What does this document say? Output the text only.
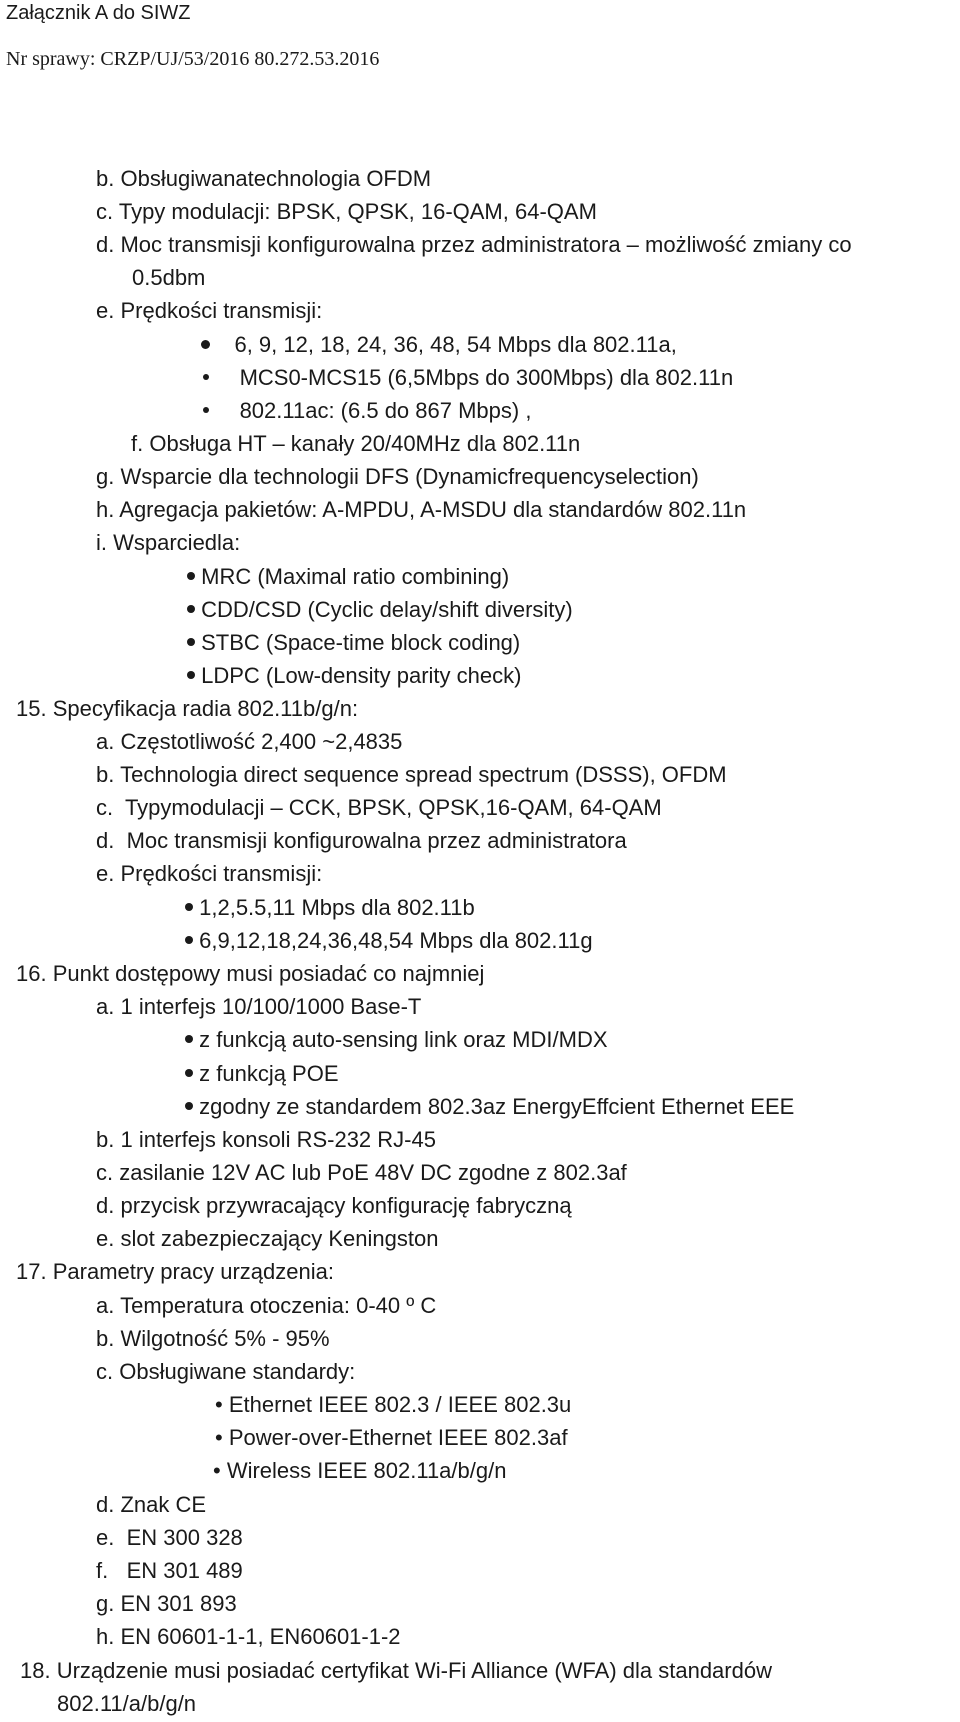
Załącznik A do SIWZ
Nr sprawy: CRZP/UJ/53/2016 80.272.53.2016
b. Obsługiwanatechnologia OFDM
c. Typy modulacji: BPSK, QPSK, 16-QAM, 64-QAM
d. Moc transmisji konfigurowalna przez administratora – możliwość zmiany co
0.5dbm
e. Prędkości transmisji:
6, 9, 12, 18, 24, 36, 48, 54 Mbps dla 802.11a,
MCS0-MCS15 (6,5Mbps do 300Mbps) dla 802.11n
802.11ac: (6.5 do 867 Mbps) ,
f. Obsługa HT – kanały 20/40MHz dla 802.11n
g. Wsparcie dla technologii DFS (Dynamicfrequencyselection)
h. Agregacja pakietów: A-MPDU, A-MSDU dla standardów 802.11n
i. Wsparciedla:
MRC (Maximal ratio combining)
CDD/CSD (Cyclic delay/shift diversity)
STBC (Space-time block coding)
LDPC (Low-density parity check)
15. Specyfikacja radia 802.11b/g/n:
a. Częstotliwość 2,400 ~2,4835
b. Technologia direct sequence spread spectrum (DSSS), OFDM
c. Typymodulacji – CCK, BPSK, QPSK,16-QAM, 64-QAM
d. Moc transmisji konfigurowalna przez administratora
e. Prędkości transmisji:
1,2,5.5,11 Mbps dla 802.11b
6,9,12,18,24,36,48,54 Mbps dla 802.11g
16. Punkt dostępowy musi posiadać co najmniej
a. 1 interfejs 10/100/1000 Base-T
z funkcją auto-sensing link oraz MDI/MDX
z funkcją POE
zgodny ze standardem 802.3az EnergyEffcient Ethernet EEE
b. 1 interfejs konsoli RS-232 RJ-45
c. zasilanie 12V AC lub PoE 48V DC zgodne z 802.3af
d. przycisk przywracający konfigurację fabryczną
e. slot zabezpieczający Keningston
17. Parametry pracy urządzenia:
a. Temperatura otoczenia: 0-40 º C
b. Wilgotność 5% - 95%
c. Obsługiwane standardy:
• Ethernet IEEE 802.3 / IEEE 802.3u
• Power-over-Ethernet IEEE 802.3af
• Wireless IEEE 802.11a/b/g/n
d. Znak CE
e. EN 300 328
f. EN 301 489
g. EN 301 893
h. EN 60601-1-1, EN60601-1-2
18. Urządzenie musi posiadać certyfikat Wi-Fi Alliance (WFA) dla standardów
802.11/a/b/g/n
